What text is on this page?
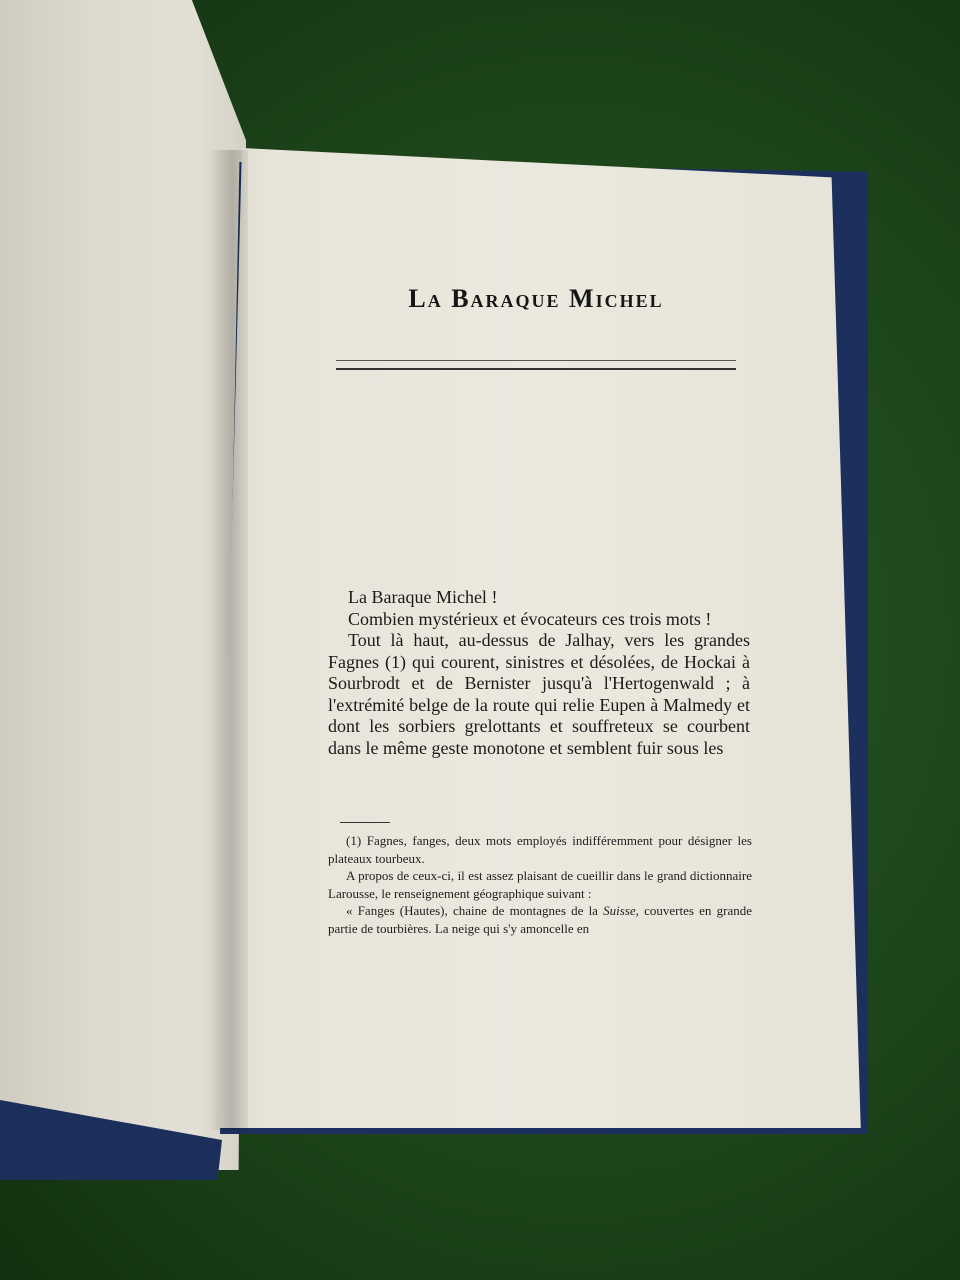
La Baraque Michel

La Baraque Michel !

Combien mystérieux et évocateurs ces trois mots !

Tout là haut, au-dessus de Jalhay, vers les grandes Fagnes (1) qui courent, sinistres et désolées, de Hockai à Sourbrodt et de Bernister jusqu'à l'Hertogenwald ; à l'extrémité belge de la route qui relie Eupen à Malmedy et dont les sorbiers grelottants et souffreteux se courbent dans le même geste monotone et semblent fuir sous les

(1) Fagnes, fanges, deux mots employés indifféremment pour désigner les plateaux tourbeux.

A propos de ceux-ci, il est assez plaisant de cueillir dans le grand dictionnaire Larousse, le renseignement géographique suivant :

« Fanges (Hautes), chaine de montagnes de la Suisse, couvertes en grande partie de tourbières. La neige qui s'y amoncelle en
